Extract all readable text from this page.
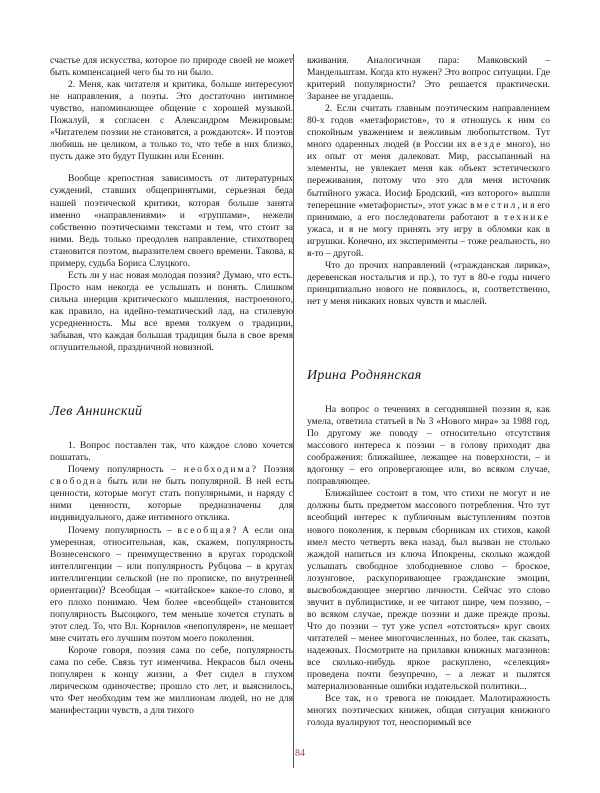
счастье для искусства, которое по природе своей не может быть компенсацией чего бы то ни было.

2. Меня, как читателя и критика, больше интересуют не направления, а поэты. Это достаточно интимное чувство, напоминающее общение с хорошей музыкой. Пожалуй, я согласен с Александром Межировым: «Читателем поэзии не становятся, а рождаются». И поэтов любишь не целиком, а только то, что тебе в них близко, пусть даже это будут Пушкин или Есенин.

Вообще крепостная зависимость от литературных суждений, ставших общепринятыми, серьезная беда нашей поэтической критики, которая больше занята именно «направлениями» и «группами», нежели собственно поэтическими текстами и тем, что стоит за ними. Ведь только преодолев направление, стихотворец становится поэтом, выразителем своего времени. Такова, к примеру, судьба Бориса Слуцкого.

Есть ли у нас новая молодая поэзия? Думаю, что есть. Просто нам некогда ее услышать и понять. Слишком сильна инерция критического мышления, настроенного, как правило, на идейно-тематический лад, на стилевую усредненность. Мы все время толкуем о традиции, забывая, что каждая большая традиция была в свое время оглушительной, праздничной новизной.

Лев Аннинский

1. Вопрос поставлен так, что каждое слово хочется пошатать.

Почему популярность – необходима? Поэзия свободна быть или не быть популярной. В ней есть ценности, которые могут стать популярными, и наряду с ними ценности, которые предназначены для индивидуального, даже интимного отклика.

Почему популярность – всеобщая? А если она умеренная, относительная, как, скажем, популярность Вознесенского – преимущественно в кругах городской интеллигенции – или популярность Рубцова – в кругах интеллигенции сельской (не по прописке, по внутренней ориентации)? Всеобщая – «китайское» какое-то слово, я его плохо понимаю. Чем более «всеобщей» становится популярность Высоцкого, тем меньше хочется ступать в этот след. То, что Вл. Корнилов «непопулярен», не мешает мне считать его лучшим поэтом моего поколения.

Короче говоря, поэзия сама по себе, популярность сама по себе. Связь тут изменчива. Некрасов был очень популярен к концу жизни, а Фет сидел в глухом лирическом одиночестве; прошло сто лет, и выяснилось, что Фет необходим тем же миллионам людей, но не для манифестации чувств, а для тихого

вживания. Аналогичная пара: Маяковский – Мандельштам. Когда кто нужен? Это вопрос ситуации. Где критерий популярности? Это решается практически. Заранее не угадаешь.

2. Если считать главным поэтическим направлением 80-х годов «метафористов», то я отношусь к ним со спокойным уважением и вежливым любопытством. Тут много одаренных людей (в России их везде много), но их опыт от меня далековат. Мир, рассыпанный на элементы, не увлекает меня как объект эстетического переживания, потому что это для меня источник бытийного ужаса. Иосиф Бродский, «из которого» вышли теперешние «метафористы», этот ужас вместил, и я его принимаю, а его последователи работают в технике ужаса, и я не могу принять эту игру в обломки как в игрушки. Конечно, их эксперименты – тоже реальность, но я-то – другой.

Что до прочих направлений («гражданская лирика», деревенская ностальгия и пр.), то тут в 80-е годы ничего принципиально нового не появилось, и, соответственно, нет у меня никаких новых чувств и мыслей.

Ирина Роднянская

На вопрос о течениях в сегодняшней поэзии я, как умела, ответила статьей в № 3 «Нового мира» за 1988 год. По другому же поводу – относительно отсутствия массового интереса к поэзии – в голову приходят два соображения: ближайшее, лежащее на поверхности, – и вдогонку – его опровергающее или, во всяком случае, поправляющее.

Ближайшее состоит в том, что стихи не могут и не должны быть предметом массового потребления. Что тут всеобщий интерес к публичным выступлениям поэтов нового поколения, к первым сборникам их стихов, какой имел место четверть века назад, был вызван не столько жаждой напиться из ключа Ипокрены, сколько жаждой услышать свободное злободневное слово – броское, лозунговое, раскупоривающее гражданские эмоции, высвобождающее энергию личности. Сейчас это слово звучит в публицистике, и ее читают шире, чем поэзию, – во всяком случае, прежде поэзии и даже прежде прозы. Что до поэзии – тут уже успел «отстояться» круг своих читателей – менее многочисленных, но более, так сказать, надежных. Посмотрите на прилавки книжных магазинов: все сколько-нибудь яркое раскуплено, «селекция» проведена почти безупречно, – а лежат и пылятся материализованные ошибки издательской политики...

Все так, но тревога не покидает. Малотиражность многих поэтических книжек, общая ситуация книжного голода вуалируют тот, неоспоримый все

84
